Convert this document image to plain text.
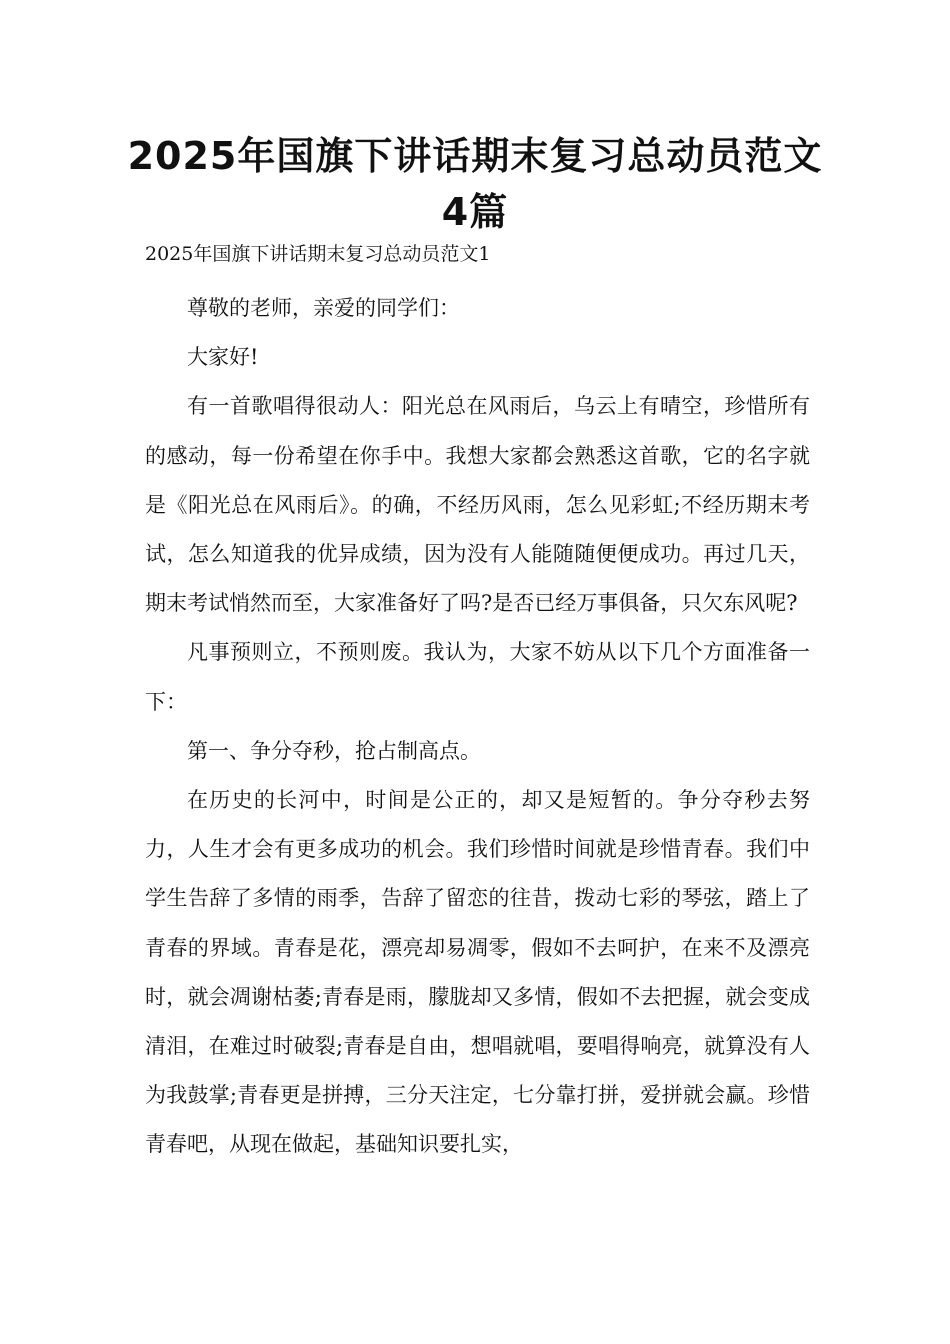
2025年国旗下讲话期末复习总动员范文4篇

2025年国旗下讲话期末复习总动员范文1

尊敬的老师，亲爱的同学们：

大家好!

有一首歌唱得很动人：阳光总在风雨后，乌云上有晴空，珍惜所有的感动，每一份希望在你手中。我想大家都会熟悉这首歌，它的名字就是《阳光总在风雨后》。的确，不经历风雨，怎么见彩虹;不经历期末考试，怎么知道我的优异成绩，因为没有人能随随便便成功。再过几天，期末考试悄然而至，大家准备好了吗?是否已经万事俱备，只欠东风呢?

凡事预则立，不预则废。我认为，大家不妨从以下几个方面准备一下：

第一、争分夺秒，抢占制高点。

在历史的长河中，时间是公正的，却又是短暂的。争分夺秒去努力，人生才会有更多成功的机会。我们珍惜时间就是珍惜青春。我们中学生告辞了多情的雨季，告辞了留恋的往昔，拨动七彩的琴弦，踏上了青春的界域。青春是花，漂亮却易凋零，假如不去呵护，在来不及漂亮时，就会凋谢枯萎;青春是雨，朦胧却又多情，假如不去把握，就会变成清泪，在难过时破裂;青春是自由，想唱就唱，要唱得响亮，就算没有人为我鼓掌;青春更是拼搏，三分天注定，七分靠打拼，爱拼就会赢。珍惜青春吧，从现在做起，基础知识要扎实，
